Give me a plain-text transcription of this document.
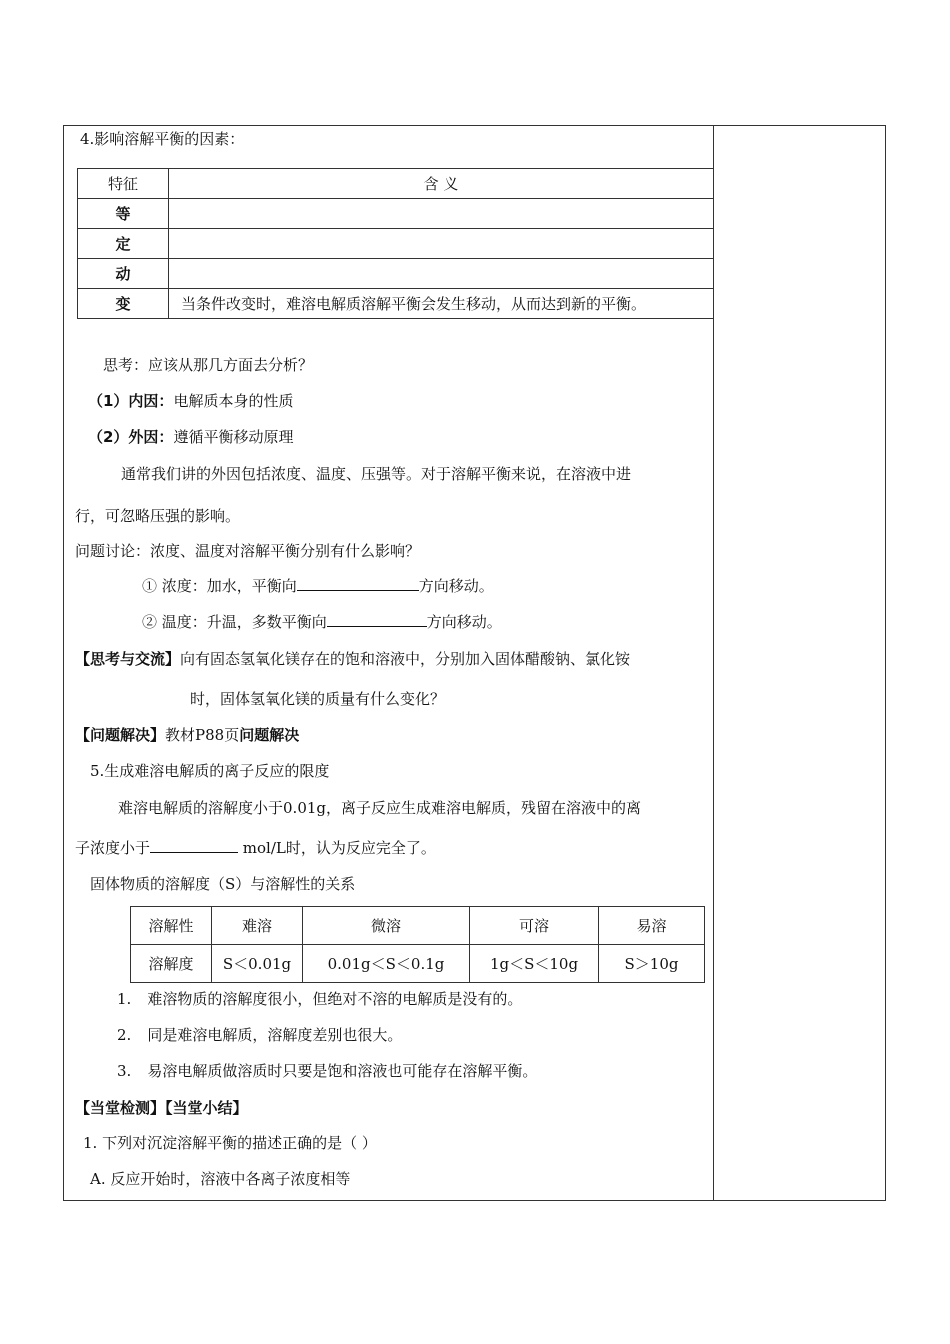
4.影响溶解平衡的因素：
特征	含 义
等	
定	
动	
变	当条件改变时，难溶电解质溶解平衡会发生移动，从而达到新的平衡。
思考：应该从那几方面去分析？
（1）内因：电解质本身的性质
（2）外因：遵循平衡移动原理
通常我们讲的外因包括浓度、温度、压强等。对于溶解平衡来说，在溶液中进
行，可忽略压强的影响。
问题讨论：浓度、温度对溶解平衡分别有什么影响？
① 浓度：加水，平衡向	方向移动。
② 温度：升温，多数平衡向	方向移动。
【思考与交流】向有固态氢氧化镁存在的饱和溶液中，分别加入固体醋酸钠、氯化铵
时，固体氢氧化镁的质量有什么变化？
【问题解决】教材P88页问题解决
5.生成难溶电解质的离子反应的限度
难溶电解质的溶解度小于0.01g，离子反应生成难溶电解质，残留在溶液中的离
子浓度小于	mol/L时，认为反应完全了。
固体物质的溶解度（S）与溶解性的关系
溶解性	难溶	微溶	可溶	易溶
溶解度	S＜0.01g	0.01g＜S＜0.1g	1g＜S＜10g	S＞10g
1. 难溶物质的溶解度很小，但绝对不溶的电解质是没有的。
2. 同是难溶电解质，溶解度差别也很大。
3. 易溶电解质做溶质时只要是饱和溶液也可能存在溶解平衡。
【当堂检测】【当堂小结】
1. 下列对沉淀溶解平衡的描述正确的是（ ）
A. 反应开始时，溶液中各离子浓度相等
